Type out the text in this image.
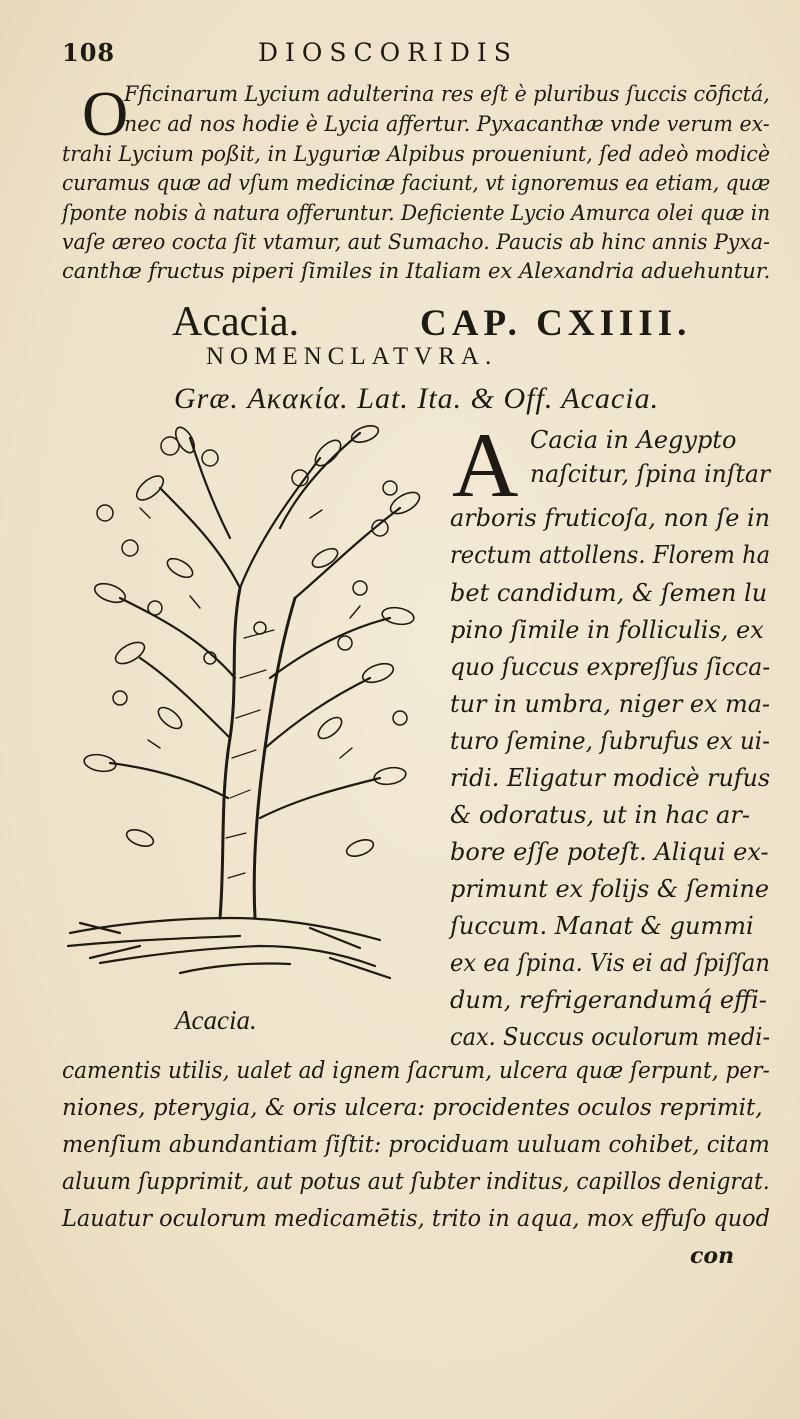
108	DIOSCORIDIS
O
Fficinarum Lycium adulterina res eſt è pluribus ſuccis cōfictá,
nec ad nos hodie è Lycia affertur. Pyxacanthæ vnde verum ex-
trahi Lycium poßit, in Lyguriæ Alpibus proueniunt, ſed adeò modicè
curamus quæ ad vſum medicinæ faciunt, vt ignoremus ea etiam, quæ
ſponte nobis à natura offeruntur. Deficiente Lycio Amurca olei quæ in
vaſe æreo cocta ſit vtamur, aut Sumacho. Paucis ab hinc annis Pyxa-
canthæ fructus piperi ſimiles in Italiam ex Alexandria aduehuntur.
Acacia.	CAP. CXIIII.
NOMENCLATVRA.
Græ. Ακακία. Lat. Ita. & Off. Acacia.
Acacia.
A Cacia in Aegypto
naſcitur, ſpina inſtar
arboris fruticoſa, non ſe in
rectum attollens. Florem ha
bet candidum, & ſemen lu
pino ſimile in folliculis, ex
quo ſuccus expreſſus ſicca-
tur in umbra, niger ex ma-
turo ſemine, ſubrufus ex ui-
ridi. Eligatur modicè rufus
& odoratus, ut in hac ar-
bore eſſe poteſt. Aliqui ex-
primunt ex folijs & ſemine
ſuccum. Manat & gummi
ex ea ſpina. Vis ei ad ſpiſſan
dum, refrigerandumq́ effi-
cax. Succus oculorum medi-
camentis utilis, ualet ad ignem ſacrum, ulcera quæ ſerpunt, per-
niones, pterygia, & oris ulcera: procidentes oculos reprimit,
menſium abundantiam ſiſtit: prociduam uuluam cohibet, citam
aluum ſupprimit, aut potus aut ſubter inditus, capillos denigrat.
Lauatur oculorum medicamētis, trito in aqua, mox effuſo quod
con
